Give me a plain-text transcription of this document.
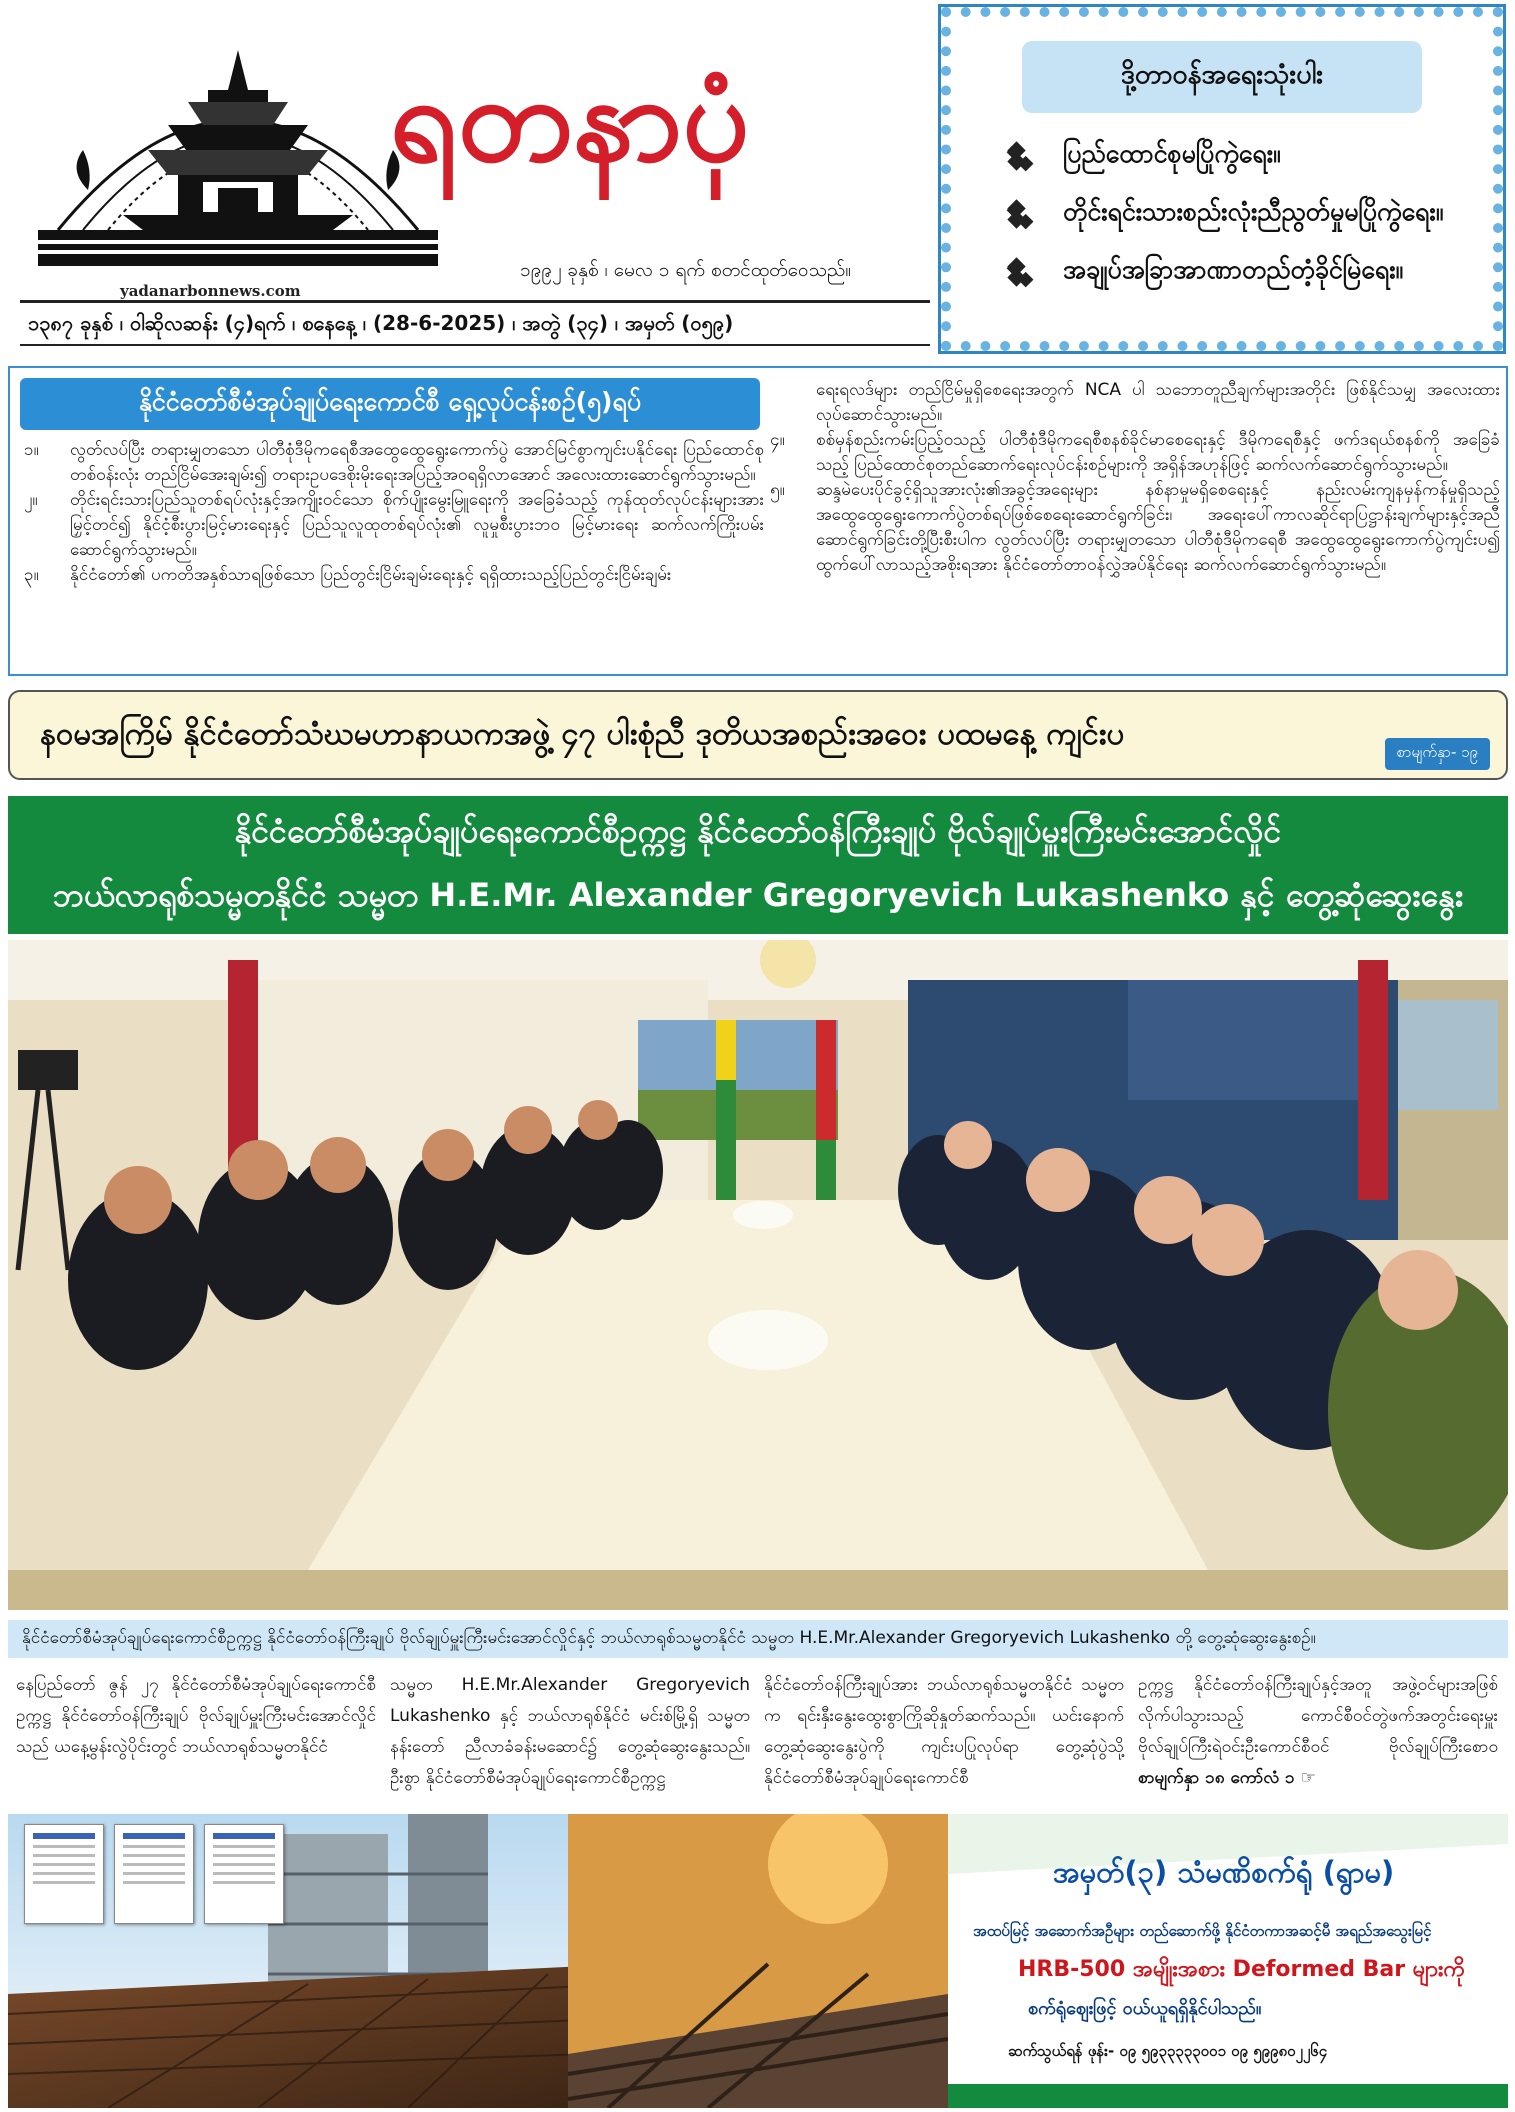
yadanarbonnews.com
ရတနာပုံ
၁၉၉၂ ခုနှစ် ၊ မေလ ၁ ရက် စတင်ထုတ်ဝေသည်။
၁၃၈၇ ခုနှစ် ၊ ဝါဆိုလဆန်း (၄)ရက် ၊ စနေနေ့ ၊ (28-6-2025) ၊ အတွဲ (၃၄) ၊ အမှတ် (၀၅၉)
ဒို့တာဝန်အရေးသုံးပါး
ပြည်ထောင်စုမပြိုကွဲရေး။
တိုင်းရင်းသားစည်းလုံးညီညွတ်မှုမပြိုကွဲရေး။
အချုပ်အခြာအာဏာတည်တံ့ခိုင်မြဲရေး။
နိုင်ငံတော်စီမံအုပ်ချုပ်ရေးကောင်စီ ရှေ့လုပ်ငန်းစဉ်(၅)ရပ်
၁။	လွတ်လပ်ပြီး တရားမျှတသော ပါတီစုံဒီမိုကရေစီအထွေထွေရွေးကောက်ပွဲ အောင်မြင်စွာကျင်းပနိုင်ရေး ပြည်ထောင်စုတစ်ဝန်းလုံး တည်ငြိမ်အေးချမ်း၍ တရားဥပဒေစိုးမိုးရေးအပြည့်အဝရရှိလာအောင် အလေးထားဆောင်ရွက်သွားမည်။
၂။	တိုင်းရင်းသားပြည်သူတစ်ရပ်လုံးနှင့်အကျိုးဝင်သော စိုက်ပျိုးမွေးမြူရေးကို အခြေခံသည့် ကုန်ထုတ်လုပ်ငန်းများအား မြှင့်တင်၍ နိုင်ငံ့စီးပွားမြင့်မားရေးနှင့် ပြည်သူလူထုတစ်ရပ်လုံး၏ လူမှုစီးပွားဘဝ မြင့်မားရေး ဆက်လက်ကြိုးပမ်းဆောင်ရွက်သွားမည်။
၃။	နိုင်ငံတော်၏ ပကတိအနှစ်သာရဖြစ်သော ပြည်တွင်းငြိမ်းချမ်းရေးနှင့် ရရှိထားသည့်ပြည်တွင်းငြိမ်းချမ်း
ရေးရလဒ်များ တည်ငြိမ်မှုရှိစေရေးအတွက် NCA ပါ သဘောတူညီချက်များအတိုင်း ဖြစ်နိုင်သမျှ အလေးထားလုပ်ဆောင်သွားမည်။
၄။	စစ်မှန်စည်းကမ်းပြည့်ဝသည့် ပါတီစုံဒီမိုကရေစီစနစ်ခိုင်မာစေရေးနှင့် ဒီမိုကရေစီနှင့် ဖက်ဒရယ်စနစ်ကို အခြေခံသည့် ပြည်ထောင်စုတည်ဆောက်ရေးလုပ်ငန်းစဉ်များကို အရှိန်အဟုန်ဖြင့် ဆက်လက်ဆောင်ရွက်သွားမည်။
၅။	ဆန္ဒမဲပေးပိုင်ခွင့်ရှိသူအားလုံး၏အခွင့်အရေးများ နစ်နာမှုမရှိစေရေးနှင့် နည်းလမ်းကျနမှန်ကန်မှုရှိသည့် အထွေထွေရွေးကောက်ပွဲတစ်ရပ်ဖြစ်စေရေးဆောင်ရွက်ခြင်း၊ အရေးပေါ်ကာလဆိုင်ရာပြဋ္ဌာန်းချက်များနှင့်အညီ ဆောင်ရွက်ခြင်းတို့ပြီးစီးပါက လွတ်လပ်ပြီး တရားမျှတသော ပါတီစုံဒီမိုကရေစီ အထွေထွေရွေးကောက်ပွဲကျင်းပ၍ ထွက်ပေါ်လာသည့်အစိုးရအား နိုင်ငံတော်တာဝန်လွှဲအပ်နိုင်ရေး ဆက်လက်ဆောင်ရွက်သွားမည်။
နဝမအကြိမ် နိုင်ငံတော်သံဃမဟာနာယကအဖွဲ့ ၄၇ ပါးစုံညီ ဒုတိယအစည်းအဝေး ပထမနေ့ ကျင်းပ	စာမျက်နှာ- ၁၉
နိုင်ငံတော်စီမံအုပ်ချုပ်ရေးကောင်စီဥက္ကဋ္ဌ နိုင်ငံတော်ဝန်ကြီးချုပ် ဗိုလ်ချုပ်မှူးကြီးမင်းအောင်လှိုင်
ဘယ်လာရုစ်သမ္မတနိုင်ငံ သမ္မတ H.E.Mr. Alexander Gregoryevich Lukashenko နှင့် တွေ့ဆုံဆွေးနွေး
နိုင်ငံတော်စီမံအုပ်ချုပ်ရေးကောင်စီဥက္ကဋ္ဌ နိုင်ငံတော်ဝန်ကြီးချုပ် ဗိုလ်ချုပ်မှူးကြီးမင်းအောင်လှိုင်နှင့် ဘယ်လာရုစ်သမ္မတနိုင်ငံ သမ္မတ H.E.Mr.Alexander Gregoryevich Lukashenko တို့ တွေ့ဆုံဆွေးနွေးစဉ်။
နေပြည်တော် ဇွန် ၂၇ နိုင်ငံတော်စီမံအုပ်ချုပ်ရေးကောင်စီဥက္ကဋ္ဌ နိုင်ငံတော်ဝန်ကြီးချုပ် ဗိုလ်ချုပ်မှူးကြီးမင်းအောင်လှိုင်သည် ယနေ့မွန်းလွဲပိုင်းတွင် ဘယ်လာရုစ်သမ္မတနိုင်ငံ
သမ္မတ H.E.Mr.Alexander Gregoryevich Lukashenko နှင့် ဘယ်လာရုစ်နိုင်ငံ မင်းစ်မြို့ရှိ သမ္မတနန်းတော် ညီလာခံခန်းမဆောင်၌ တွေ့ဆုံဆွေးနွေးသည်။ဦးစွာ နိုင်ငံတော်စီမံအုပ်ချုပ်ရေးကောင်စီဥက္ကဋ္ဌ
နိုင်ငံတော်ဝန်ကြီးချုပ်အား ဘယ်လာရုစ်သမ္မတနိုင်ငံ သမ္မတက ရင်းနှီးနွေးထွေးစွာကြိုဆိုနှုတ်ဆက်သည်။ ယင်းနောက် တွေ့ဆုံဆွေးနွေးပွဲကို ကျင်းပပြုလုပ်ရာ တွေ့ဆုံပွဲသို့ နိုင်ငံတော်စီမံအုပ်ချုပ်ရေးကောင်စီ
ဥက္ကဋ္ဌ နိုင်ငံတော်ဝန်ကြီးချုပ်နှင့်အတူ အဖွဲ့ဝင်များအဖြစ် လိုက်ပါသွားသည့် ကောင်စီဝင်တွဲဖက်အတွင်းရေးမှူး ဗိုလ်ချုပ်ကြီးရဲဝင်းဦးကောင်စီဝင် ဗိုလ်ချုပ်ကြီးစောဝ စာမျက်နှာ ၁၈ ကော်လံ ၁ ☞
အမှတ်(၃) သံမဏိစက်ရုံ (ရွာမ)
အထပ်မြင့် အဆောက်အဦများ တည်ဆောက်ဖို့ နိုင်ငံတကာအဆင့်မီ အရည်အသွေးမြင့်
HRB-500 အမျိုးအစား Deformed Bar များကို
စက်ရုံဈေးဖြင့် ဝယ်ယူရရှိနိုင်ပါသည်။
ဆက်သွယ်ရန် ဖုန်း- ၀၉ ၅၉၃၃၃၃၃၀၀၁ ၀၉ ၅၉၉၈၀၂၂၆၄
